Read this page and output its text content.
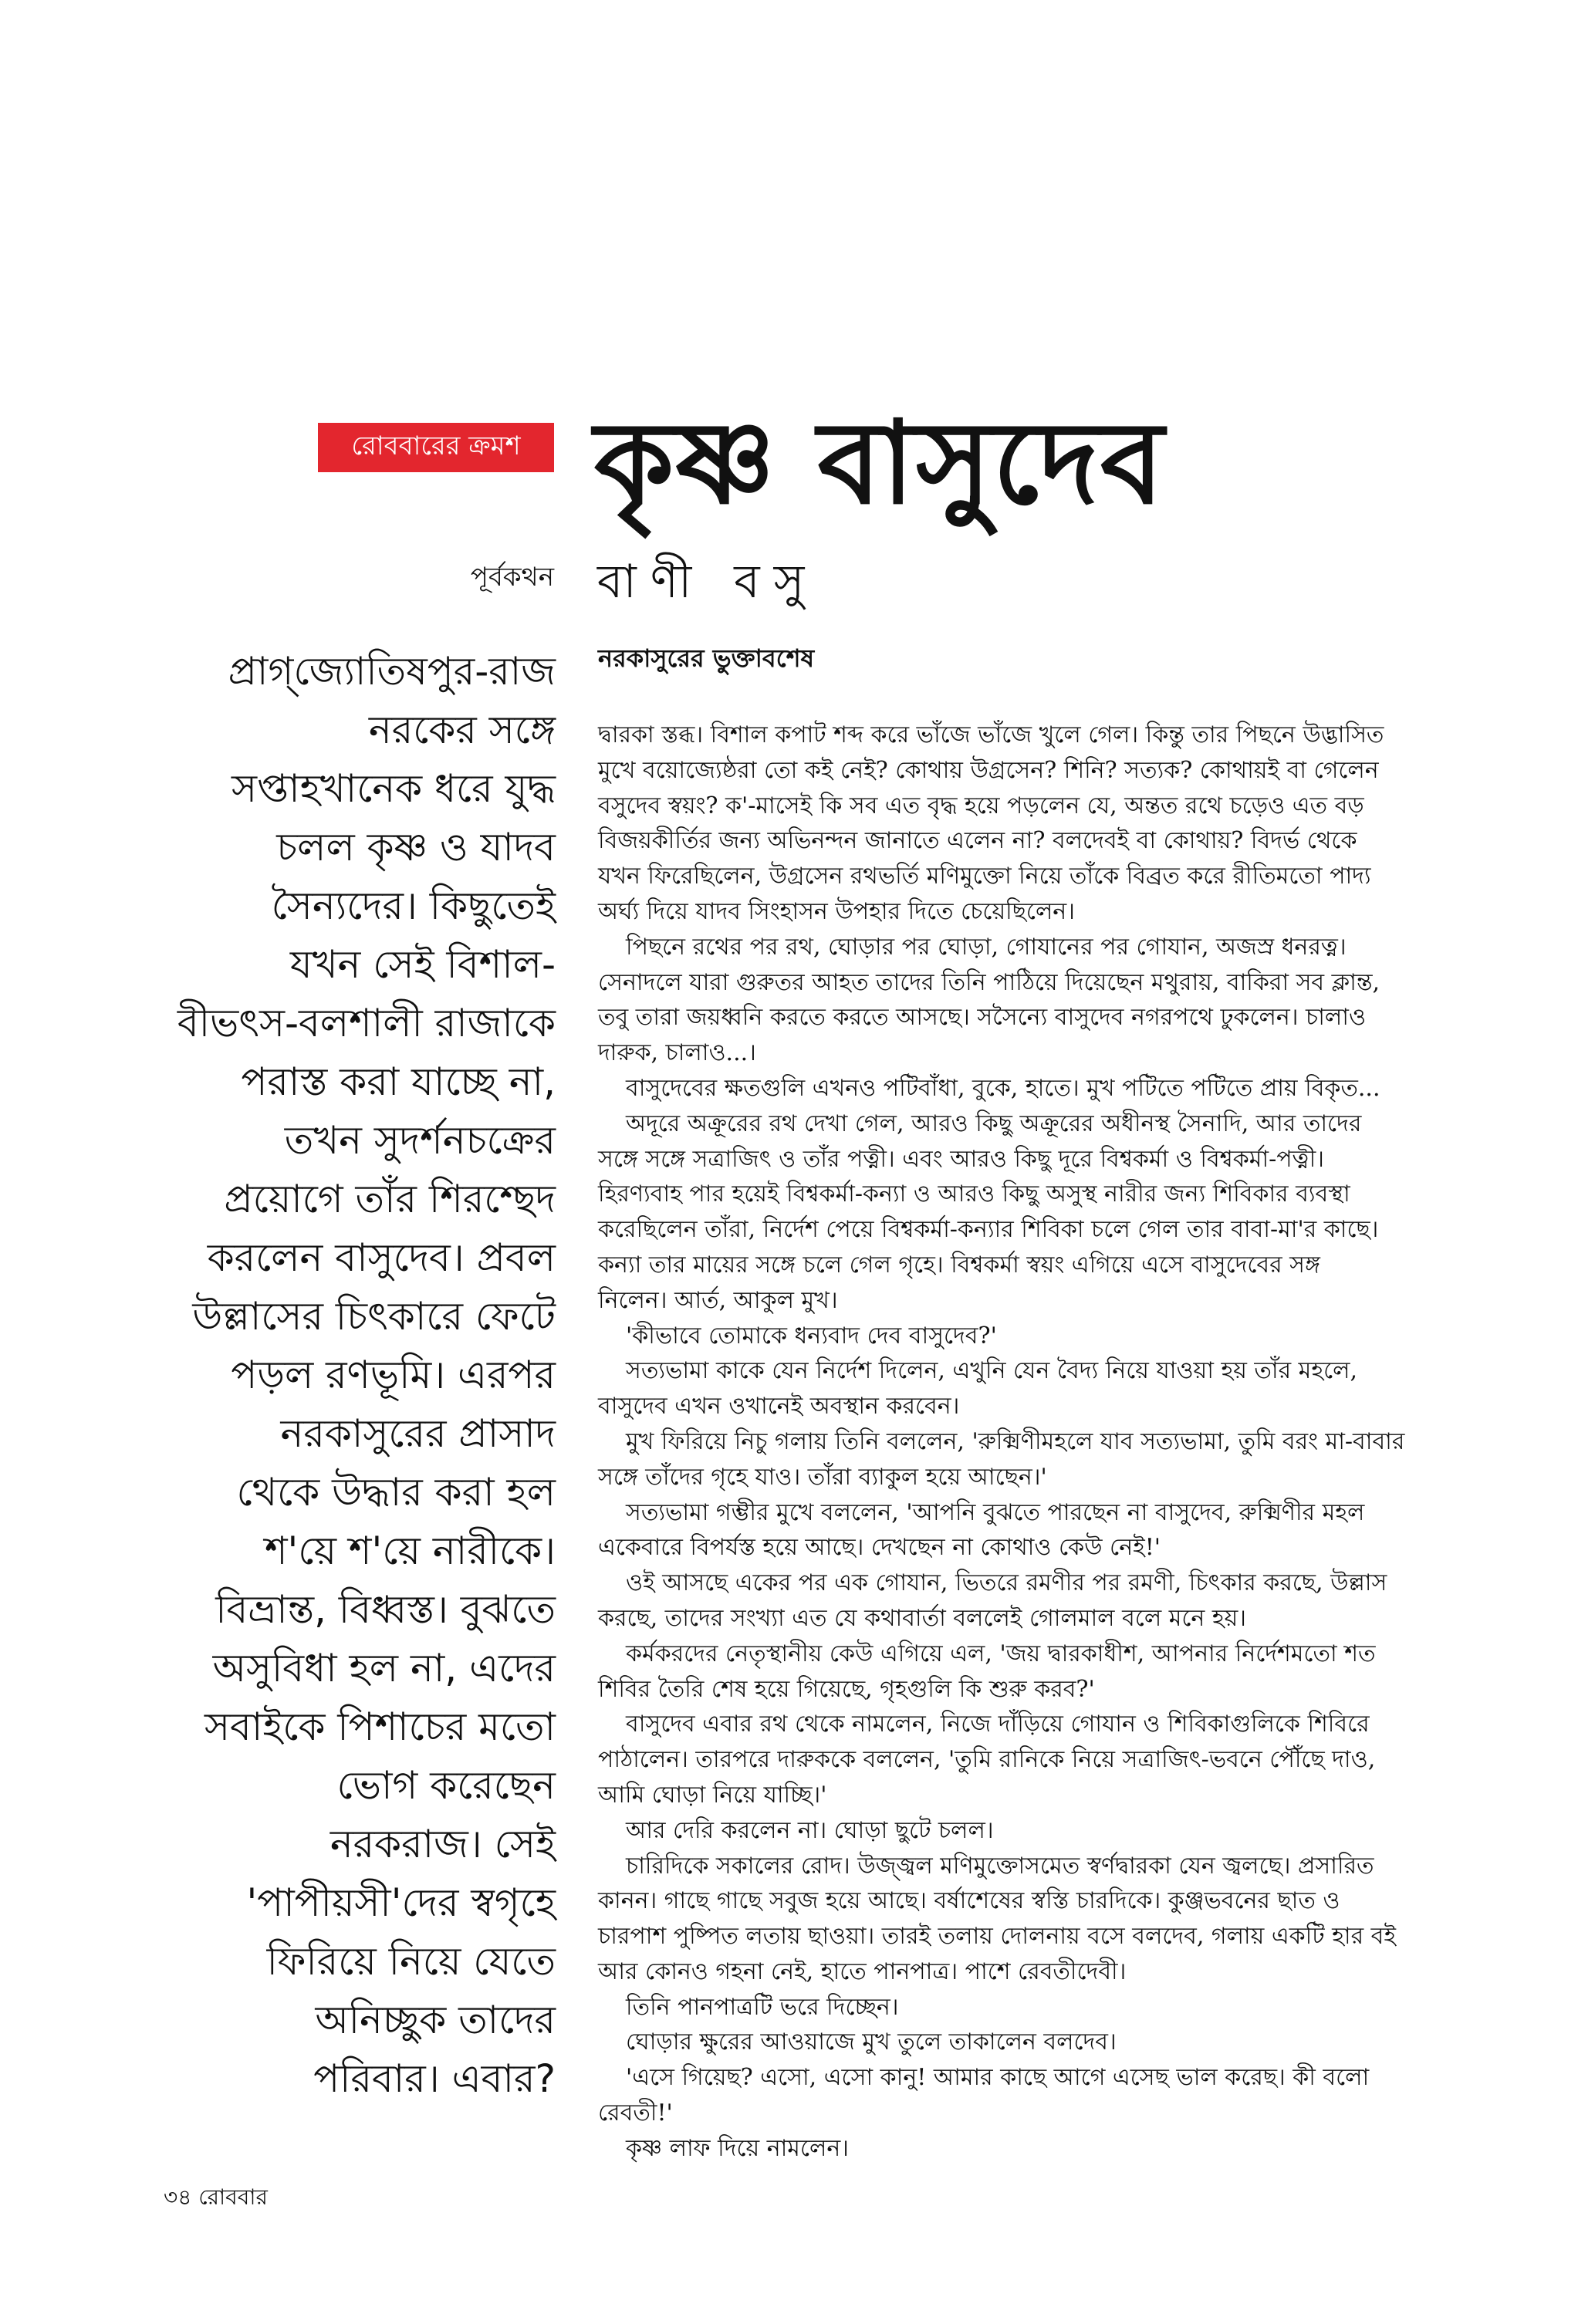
রোববারের ক্রমশ কৃষ্ণ বাসুদেব
পূর্বকথন বাণী বসু
প্রাগ্‌জ্যোতিষপুর-রাজ
নরকের সঙ্গে
সপ্তাহখানেক ধরে যুদ্ধ
চলল কৃষ্ণ ও যাদব
সৈন্যদের। কিছুতেই
যখন সেই বিশাল-
বীভৎস-বলশালী রাজাকে
পরাস্ত করা যাচ্ছে না,
তখন সুদর্শনচক্রের
প্রয়োগে তাঁর শিরশ্ছেদ
করলেন বাসুদেব। প্রবল
উল্লাসের চিৎকারে ফেটে
পড়ল রণভূমি। এরপর
নরকাসুরের প্রাসাদ
থেকে উদ্ধার করা হল
শ'য়ে শ'য়ে নারীকে।
বিভ্রান্ত, বিধ্বস্ত। বুঝতে
অসুবিধা হল না, এদের
সবাইকে পিশাচের মতো
ভোগ করেছেন
নরকরাজ। সেই
'পাপীয়সী'দের স্বগৃহে
ফিরিয়ে নিয়ে যেতে
অনিচ্ছুক তাদের
পরিবার। এবার?
নরকাসুরের ভুক্তাবশেষ
দ্বারকা স্তব্ধ। বিশাল কপাট শব্দ করে ভাঁজে ভাঁজে খুলে গেল। কিন্তু তার পিছনে উদ্ভাসিত
মুখে বয়োজ্যেষ্ঠরা তো কই নেই? কোথায় উগ্রসেন? শিনি? সত্যক? কোথায়ই বা গেলেন
বসুদেব স্বয়ং? ক'-মাসেই কি সব এত বৃদ্ধ হয়ে পড়লেন যে, অন্তত রথে চড়েও এত বড়
বিজয়কীর্তির জন্য অভিনন্দন জানাতে এলেন না? বলদেবই বা কোথায়? বিদর্ভ থেকে
যখন ফিরেছিলেন, উগ্রসেন রথভর্তি মণিমুক্তো নিয়ে তাঁকে বিব্রত করে রীতিমতো পাদ্য
অর্ঘ্য দিয়ে যাদব সিংহাসন উপহার দিতে চেয়েছিলেন।
পিছনে রথের পর রথ, ঘোড়ার পর ঘোড়া, গোযানের পর গোযান, অজস্র ধনরত্ন।
সেনাদলে যারা গুরুতর আহত তাদের তিনি পাঠিয়ে দিয়েছেন মথুরায়, বাকিরা সব ক্লান্ত,
তবু তারা জয়ধ্বনি করতে করতে আসছে। সসৈন্যে বাসুদেব নগরপথে ঢুকলেন। চালাও
দারুক, চালাও...।
বাসুদেবের ক্ষতগুলি এখনও পটিবাঁধা, বুকে, হাতে। মুখ পটিতে পটিতে প্রায় বিকৃত...
অদূরে অক্রূরের রথ দেখা গেল, আরও কিছু অক্রূরের অধীনস্থ সৈনাদি, আর তাদের
সঙ্গে সঙ্গে সত্রাজিৎ ও তাঁর পত্নী। এবং আরও কিছু দূরে বিশ্বকর্মা ও বিশ্বকর্মা-পত্নী।
হিরণ্যবাহ পার হয়েই বিশ্বকর্মা-কন্যা ও আরও কিছু অসুস্থ নারীর জন্য শিবিকার ব্যবস্থা
করেছিলেন তাঁরা, নির্দেশ পেয়ে বিশ্বকর্মা-কন্যার শিবিকা চলে গেল তার বাবা-মা'র কাছে।
কন্যা তার মায়ের সঙ্গে চলে গেল গৃহে। বিশ্বকর্মা স্বয়ং এগিয়ে এসে বাসুদেবের সঙ্গ
নিলেন। আর্ত, আকুল মুখ।
'কীভাবে তোমাকে ধন্যবাদ দেব বাসুদেব?'
সত্যভামা কাকে যেন নির্দেশ দিলেন, এখুনি যেন বৈদ্য নিয়ে যাওয়া হয় তাঁর মহলে,
বাসুদেব এখন ওখানেই অবস্থান করবেন।
মুখ ফিরিয়ে নিচু গলায় তিনি বললেন, 'রুক্মিণীমহলে যাব সত্যভামা, তুমি বরং মা-বাবার
সঙ্গে তাঁদের গৃহে যাও। তাঁরা ব্যাকুল হয়ে আছেন।'
সত্যভামা গম্ভীর মুখে বললেন, 'আপনি বুঝতে পারছেন না বাসুদেব, রুক্মিণীর মহল
একেবারে বিপর্যস্ত হয়ে আছে। দেখছেন না কোথাও কেউ নেই!'
ওই আসছে একের পর এক গোযান, ভিতরে রমণীর পর রমণী, চিৎকার করছে, উল্লাস
করছে, তাদের সংখ্যা এত যে কথাবার্তা বললেই গোলমাল বলে মনে হয়।
কর্মকরদের নেতৃস্থানীয় কেউ এগিয়ে এল, 'জয় দ্বারকাধীশ, আপনার নির্দেশমতো শত
শিবির তৈরি শেষ হয়ে গিয়েছে, গৃহগুলি কি শুরু করব?'
বাসুদেব এবার রথ থেকে নামলেন, নিজে দাঁড়িয়ে গোযান ও শিবিকাগুলিকে শিবিরে
পাঠালেন। তারপরে দারুককে বললেন, 'তুমি রানিকে নিয়ে সত্রাজিৎ-ভবনে পৌঁছে দাও,
আমি ঘোড়া নিয়ে যাচ্ছি।'
আর দেরি করলেন না। ঘোড়া ছুটে চলল।
চারিদিকে সকালের রোদ। উজ্জ্বল মণিমুক্তোসমেত স্বর্ণদ্বারকা যেন জ্বলছে। প্রসারিত
কানন। গাছে গাছে সবুজ হয়ে আছে। বর্ষাশেষের স্বস্তি চারদিকে। কুঞ্জভবনের ছাত ও
চারপাশ পুষ্পিত লতায় ছাওয়া। তারই তলায় দোলনায় বসে বলদেব, গলায় একটি হার বই
আর কোনও গহনা নেই, হাতে পানপাত্র। পাশে রেবতীদেবী।
তিনি পানপাত্রটি ভরে দিচ্ছেন।
ঘোড়ার ক্ষুরের আওয়াজে মুখ তুলে তাকালেন বলদেব।
'এসে গিয়েছ? এসো, এসো কানু! আমার কাছে আগে এসেছ ভাল করেছ। কী বলো
রেবতী!'
কৃষ্ণ লাফ দিয়ে নামলেন।
৩৪ রোববার
